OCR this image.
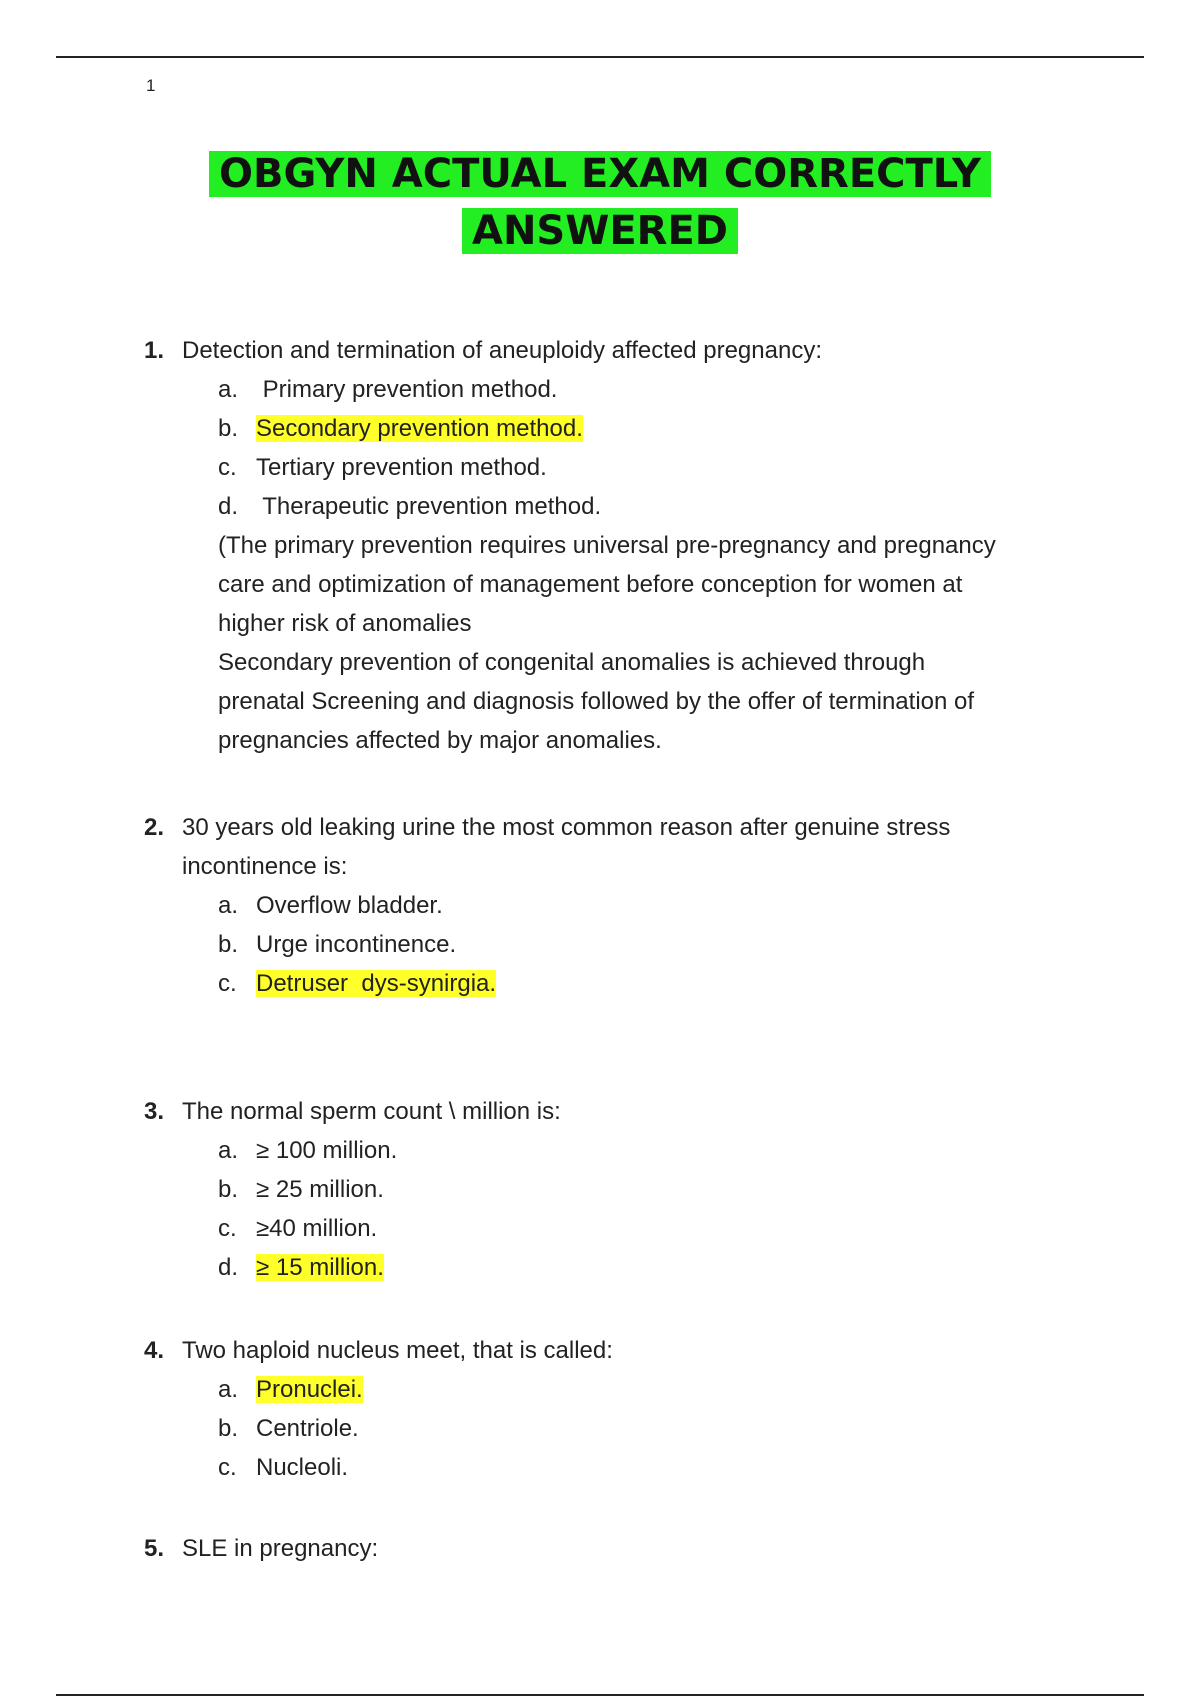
1
OBGYN ACTUAL EXAM CORRECTLY
ANSWERED
1. Detection and termination of aneuploidy affected pregnancy:
a. Primary prevention method.
b. Secondary prevention method.
c. Tertiary prevention method.
d. Therapeutic prevention method.
(The primary prevention requires universal pre-pregnancy and pregnancy
care and optimization of management before conception for women at
higher risk of anomalies
Secondary prevention of congenital anomalies is achieved through
prenatal Screening and diagnosis followed by the offer of termination of
pregnancies affected by major anomalies.
2. 30 years old leaking urine the most common reason after genuine stress
incontinence is:
a. Overflow bladder.
b. Urge incontinence.
c. Detruser  dys-synirgia.
3. The normal sperm count \ million is:
a. ≥ 100 million.
b. ≥ 25 million.
c. ≥40 million.
d. ≥ 15 million.
4. Two haploid nucleus meet, that is called:
a. Pronuclei.
b. Centriole.
c. Nucleoli.
5. SLE in pregnancy:
